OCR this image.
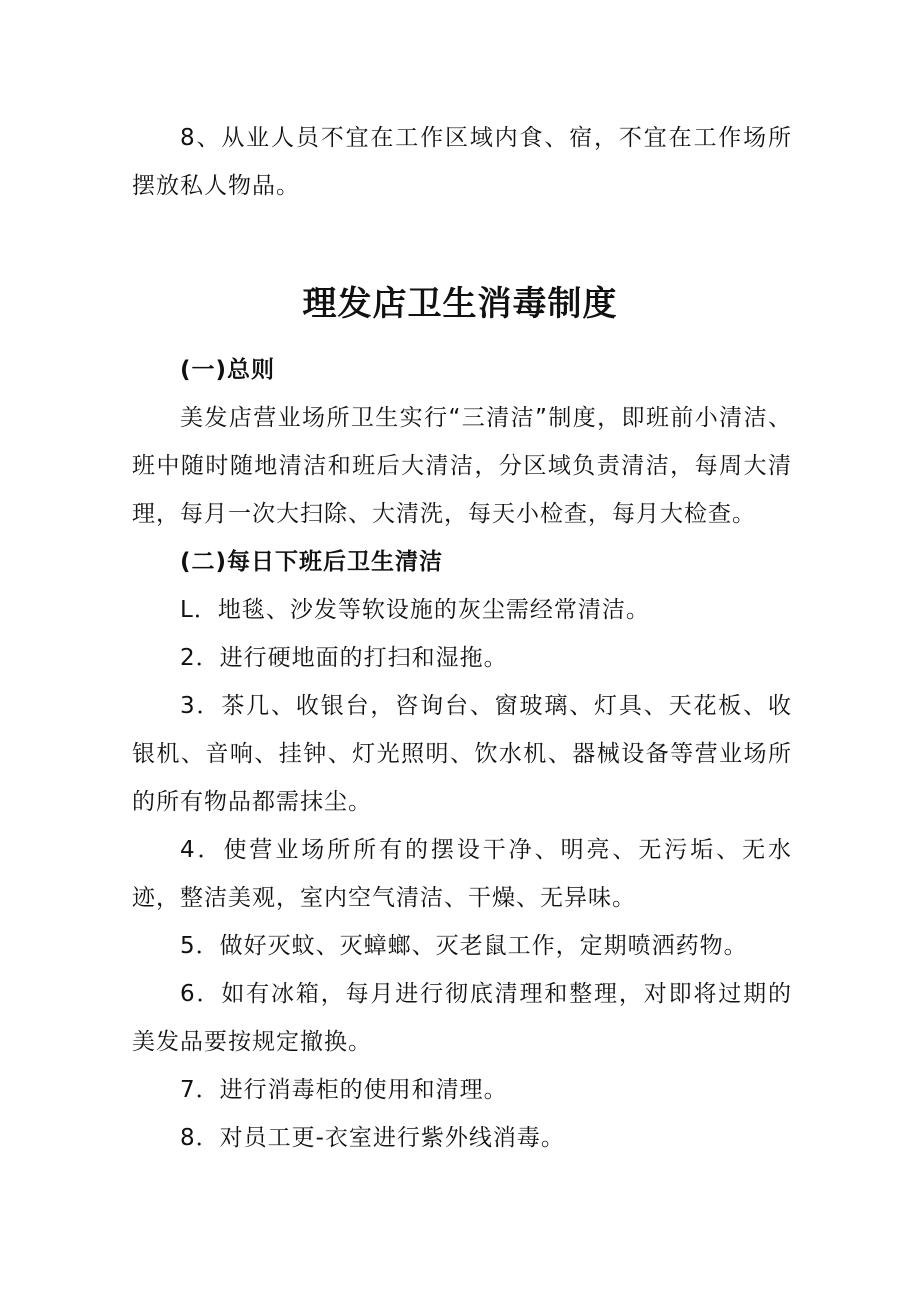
8、从业人员不宜在工作区域内食、宿，不宜在工作场所摆放私人物品。

理发店卫生消毒制度

(一)总则

美发店营业场所卫生实行“三清洁”制度，即班前小清洁、班中随时随地清洁和班后大清洁，分区域负责清洁，每周大清理，每月一次大扫除、大清洗，每天小检查，每月大检查。

(二)每日下班后卫生清洁

L．地毯、沙发等软设施的灰尘需经常清洁。

2．进行硬地面的打扫和湿拖。

3．茶几、收银台，咨询台、窗玻璃、灯具、天花板、收银机、音响、挂钟、灯光照明、饮水机、器械设备等营业场所的所有物品都需抹尘。

4．使营业场所所有的摆设干净、明亮、无污垢、无水迹，整洁美观，室内空气清洁、干燥、无异味。

5．做好灭蚊、灭蟑螂、灭老鼠工作，定期喷洒药物。

6．如有冰箱，每月进行彻底清理和整理，对即将过期的美发品要按规定撤换。

7．进行消毒柜的使用和清理。

8．对员工更-衣室进行紫外线消毒。
